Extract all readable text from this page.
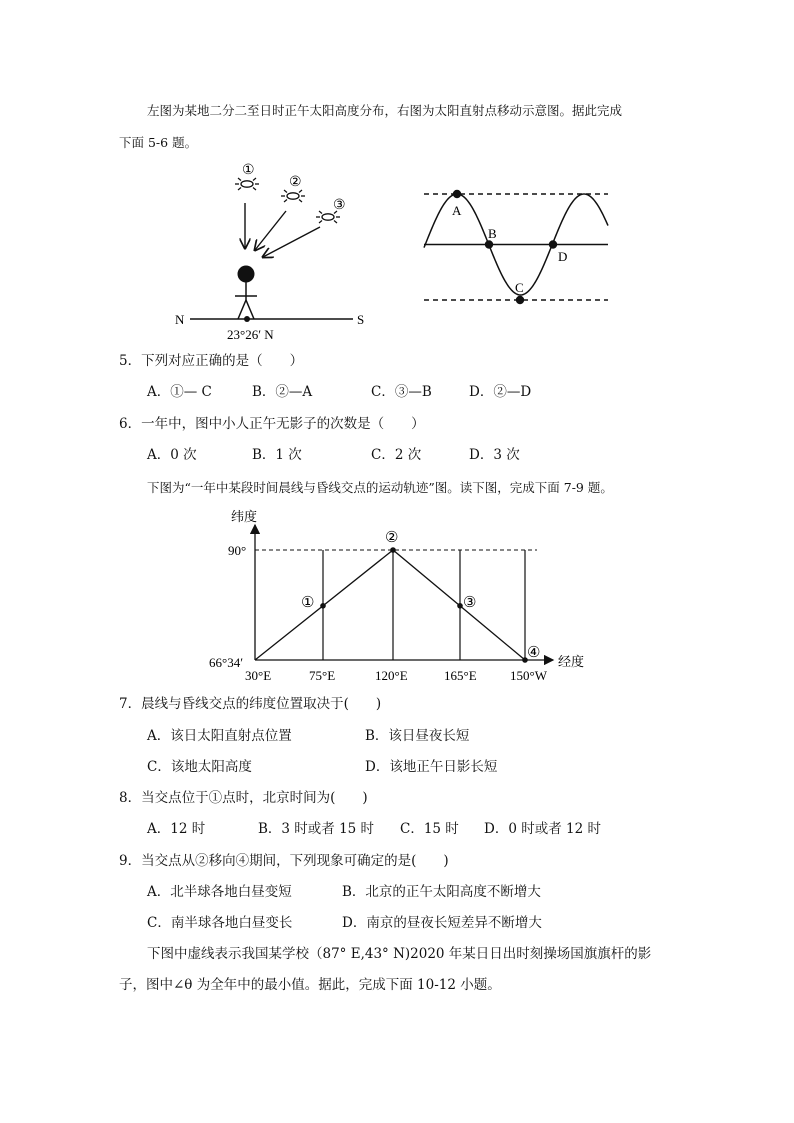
左图为某地二分二至日时正午太阳高度分布，右图为太阳直射点移动示意图。据此完成
下面 5-6 题。
①
②
③
N	S
23°26′ N
A
B
C
D
5．下列对应正确的是（　　）
A．①— C	B．②—A	C．③—B	D．②—D
6．一年中，图中小人正午无影子的次数是（　　）
A．0 次	B．1 次	C．2 次	D．3 次
下图为“一年中某段时间晨线与昏线交点的运动轨迹”图。读下图，完成下面 7-9 题。
纬度
经度
90°
66°34′
①
②
③
④
30°E	75°E	120°E	165°E	150°W
7．晨线与昏线交点的纬度位置取决于(　　)
A．该日太阳直射点位置	B．该日昼夜长短
C．该地太阳高度	D．该地正午日影长短
8．当交点位于①点时，北京时间为(　　)
A．12 时	B．3 时或者 15 时 C．15 时 D．0 时或者 12 时
9．当交点从②移向④期间，下列现象可确定的是(　　)
A．北半球各地白昼变短	B．北京的正午太阳高度不断增大
C．南半球各地白昼变长	D．南京的昼夜长短差异不断增大
下图中虚线表示我国某学校（87° E,43° N)2020 年某日日出时刻操场国旗旗杆的影
子，图中∠θ 为全年中的最小值。据此，完成下面 10-12 小题。
